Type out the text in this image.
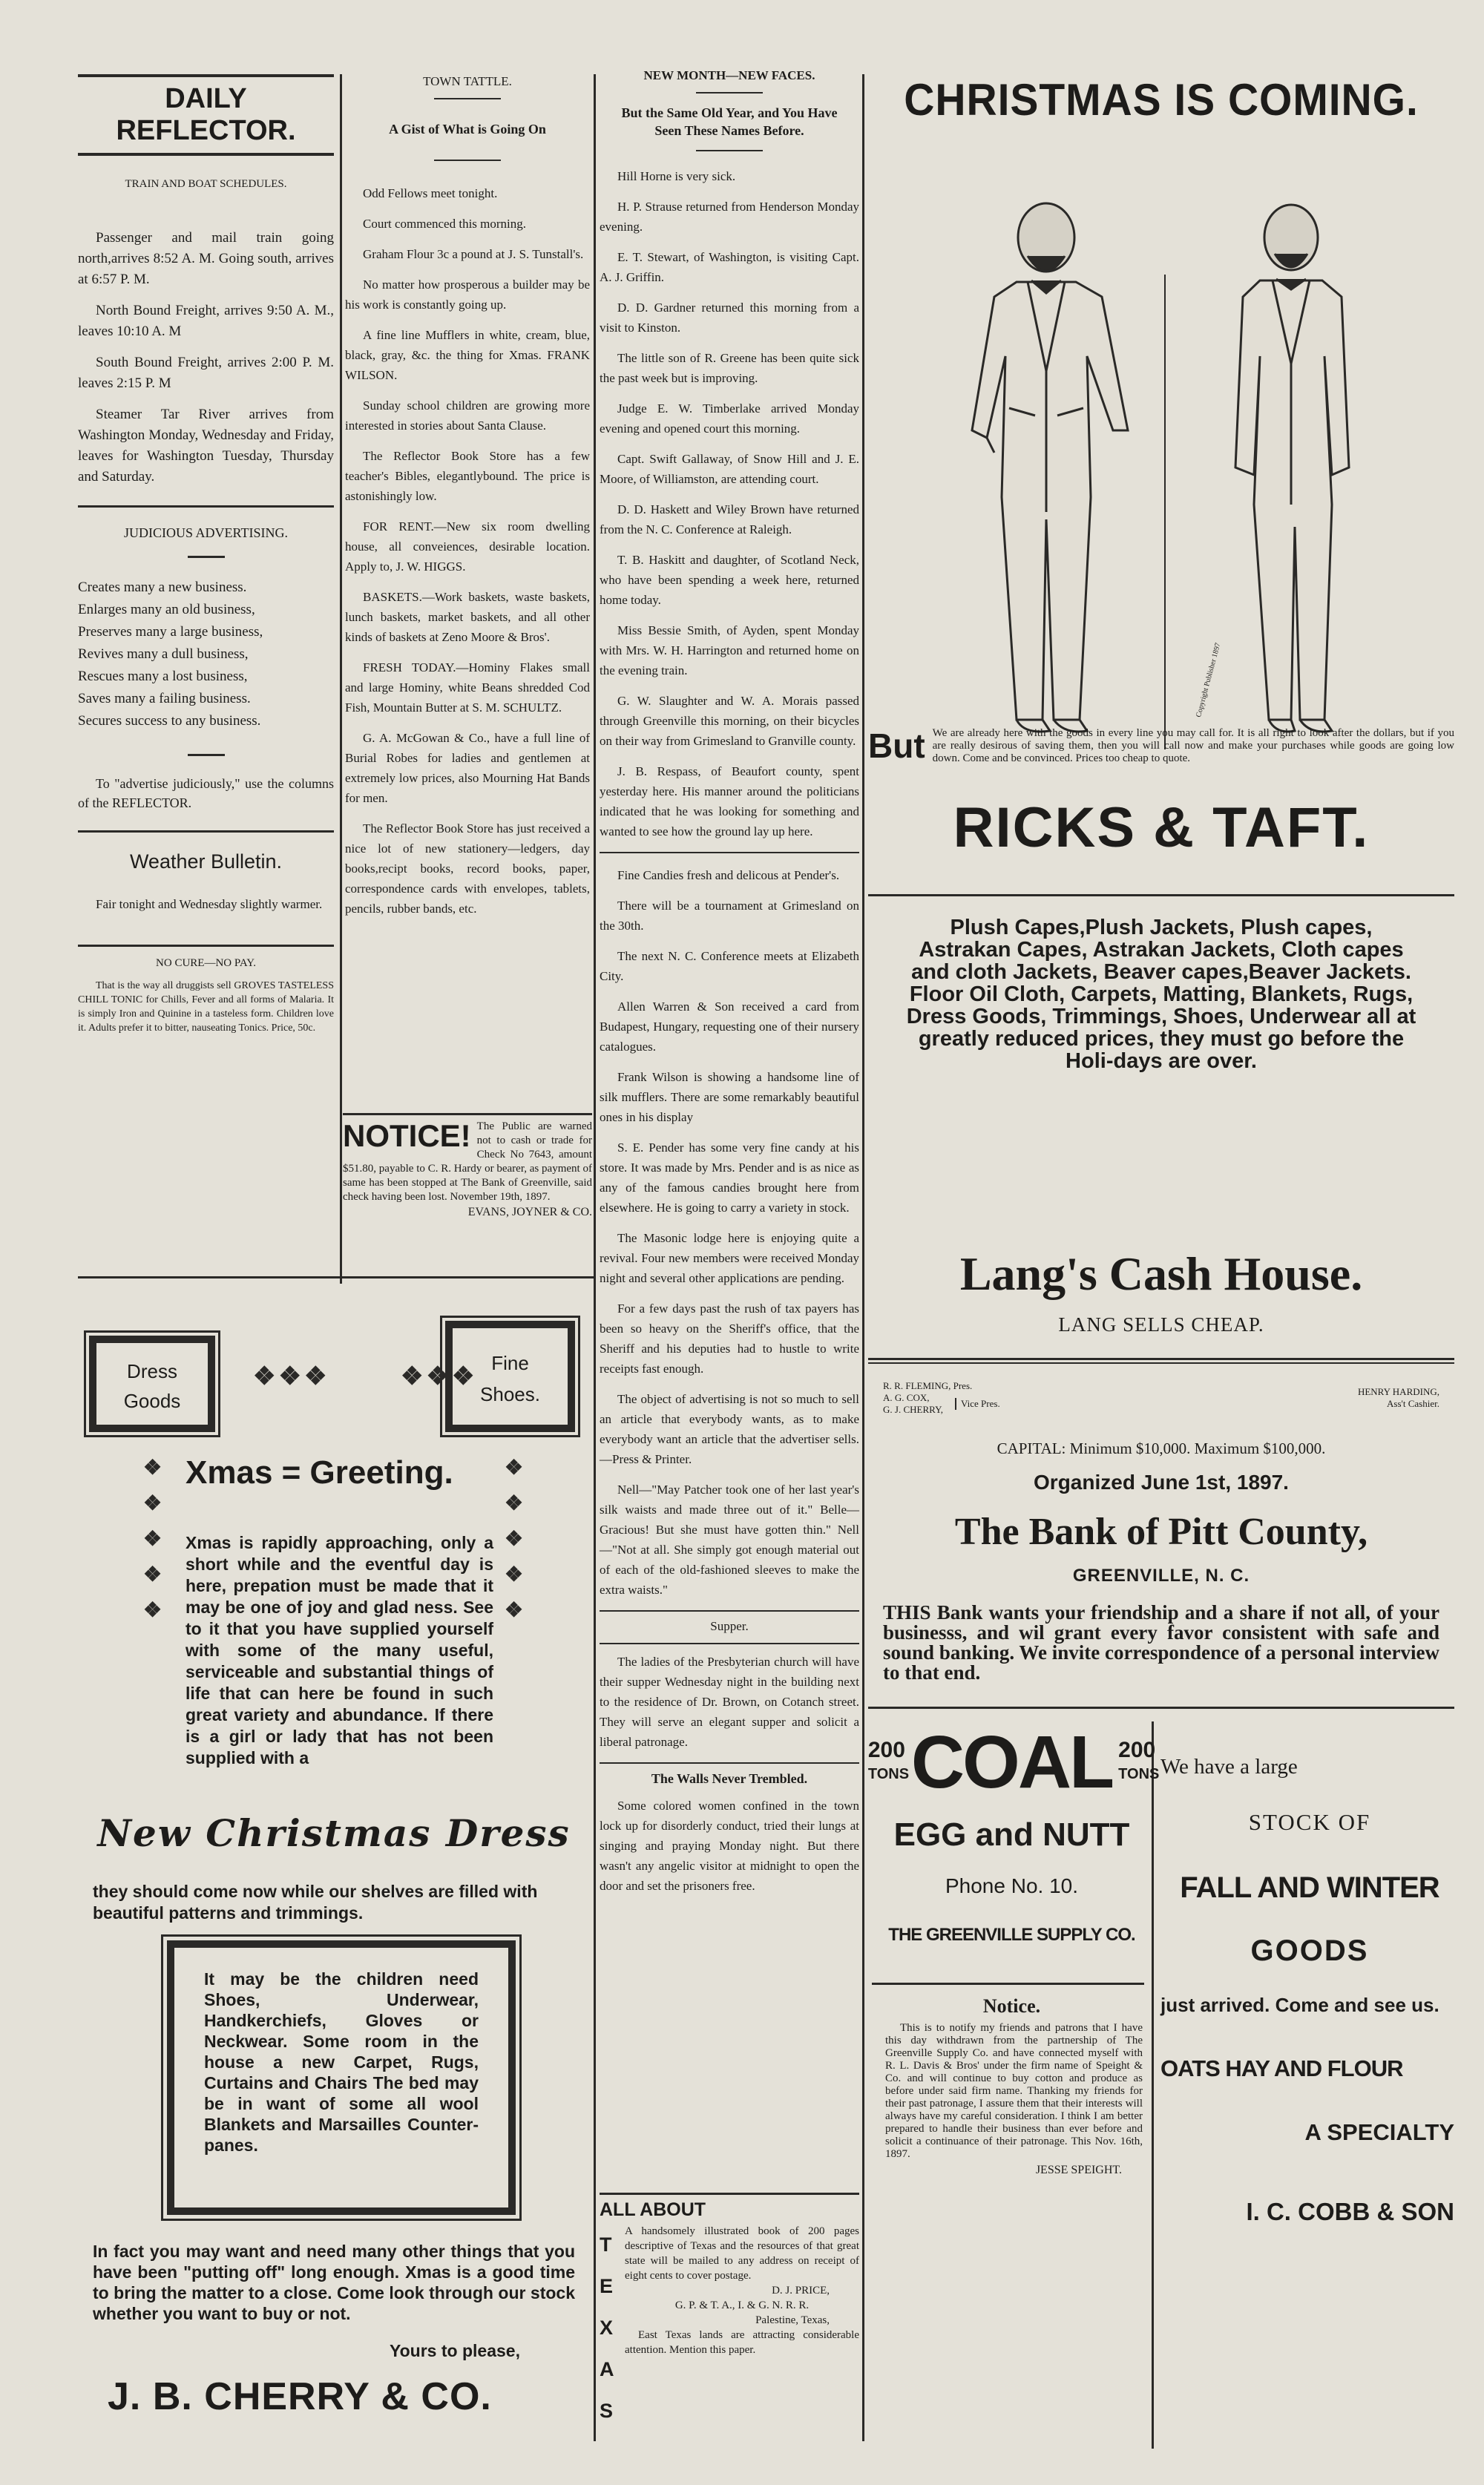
DAILY REFLECTOR.
TRAIN AND BOAT SCHEDULES.

Passenger and mail train going north,arrives 8:52 A. M. Going south, arrives at 6:57 P. M.

North Bound Freight, arrives 9:50 A. M., leaves 10:10 A. M

South Bound Freight, arrives 2:00 P. M. leaves 2:15 P. M

Steamer Tar River arrives from Washington Monday, Wednesday and Friday, leaves for Washington Tuesday, Thursday and Saturday.

JUDICIOUS ADVERTISING.

Creates many a new business.

Enlarges many an old business,

Preserves many a large business,

Revives many a dull business,

Rescues many a lost business,

Saves many a failing business.

Secures success to any business.

To "advertise judiciously," use the columns of the REFLECTOR.

Weather Bulletin.

Fair tonight and Wednesday slightly warmer.

NO CURE—NO PAY.

That is the way all druggists sell GROVES TASTELESS CHILL TONIC for Chills, Fever and all forms of Malaria. It is simply Iron and Quinine in a tasteless form. Children love it. Adults prefer it to bitter, nauseating Tonics. Price, 50c.

TOWN TATTLE.
A Gist of What is Going On

Odd Fellows meet tonight.

Court commenced this morning.

Graham Flour 3c a pound at J. S. Tunstall's.

No matter how prosperous a builder may be his work is constantly going up.

A fine line Mufflers in white, cream, blue, black, gray, &c. the thing for Xmas. FRANK WILSON.

Sunday school children are growing more interested in stories about Santa Clause.

The Reflector Book Store has a few teacher's Bibles, elegantlybound. The price is astonishingly low.

FOR RENT.—New six room dwelling house, all conveiences, desirable location. Apply to, J. W. HIGGS.

BASKETS.—Work baskets, waste baskets, lunch baskets, market baskets, and all other kinds of baskets at Zeno Moore & Bros'.

FRESH TODAY.—Hominy Flakes small and large Hominy, white Beans shredded Cod Fish, Mountain Butter at S. M. SCHULTZ.

G. A. McGowan & Co., have a full line of Burial Robes for ladies and gentlemen at extremely low prices, also Mourning Hat Bands for men.

The Reflector Book Store has just received a nice lot of new stationery—ledgers, day books,recipt books, record books, paper, correspondence cards with envelopes, tablets, pencils, rubber bands, etc.

NOTICE! The Public are warned not to cash or trade for Check No 7643, amount $51.80, payable to C. R. Hardy or bearer, as payment of same has been stopped at The Bank of Greenville, said check having been lost. November 19th, 1897.
EVANS, JOYNER & CO.
NEW MONTH—NEW FACES.
But the Same Old Year, and You Have Seen These Names Before.

Hill Horne is very sick.

H. P. Strause returned from Henderson Monday evening.

E. T. Stewart, of Washington, is visiting Capt. A. J. Griffin.

D. D. Gardner returned this morning from a visit to Kinston.

The little son of R. Greene has been quite sick the past week but is improving.

Judge E. W. Timberlake arrived Monday evening and opened court this morning.

Capt. Swift Gallaway, of Snow Hill and J. E. Moore, of Williamston, are attending court.

D. D. Haskett and Wiley Brown have returned from the N. C. Conference at Raleigh.

T. B. Haskitt and daughter, of Scotland Neck, who have been spending a week here, returned home today.

Miss Bessie Smith, of Ayden, spent Monday with Mrs. W. H. Harrington and returned home on the evening train.

G. W. Slaughter and W. A. Morais passed through Greenville this morning, on their bicycles on their way from Grimesland to Granville county.

J. B. Respass, of Beaufort county, spent yesterday here. His manner around the politicians indicated that he was looking for something and wanted to see how the ground lay up here.

Fine Candies fresh and delicous at Pender's.

There will be a tournament at Grimesland on the 30th.

The next N. C. Conference meets at Elizabeth City.

Allen Warren & Son received a card from Budapest, Hungary, requesting one of their nursery catalogues.

Frank Wilson is showing a handsome line of silk mufflers. There are some remarkably beautiful ones in his display

S. E. Pender has some very fine candy at his store. It was made by Mrs. Pender and is as nice as any of the famous candies brought here from elsewhere. He is going to carry a variety in stock.

The Masonic lodge here is enjoying quite a revival. Four new members were received Monday night and several other applications are pending.

For a few days past the rush of tax payers has been so heavy on the Sheriff's office, that the Sheriff and his deputies had to hustle to write receipts fast enough.

The object of advertising is not so much to sell an article that everybody wants, as to make everybody want an article that the advertiser sells.—Press & Printer.

Nell—"May Patcher took one of her last year's silk waists and made three out of it." Belle—Gracious! But she must have gotten thin." Nell—"Not at all. She simply got enough material out of each of the old-fashioned sleeves to make the extra waists."

Supper.

The ladies of the Presbyterian church will have their supper Wednesday night in the building next to the residence of Dr. Brown, on Cotanch street. They will serve an elegant supper and solicit a liberal patronage.

The Walls Never Trembled.

Some colored women confined in the town lock up for disorderly conduct, tried their lungs at singing and praying Monday night. But there wasn't any angelic visitor at midnight to open the door and set the prisoners free.

ALL ABOUT
T
E
X
A
S
A handsomely illustrated book of 200 pages descriptive of Texas and the resources of that great state will be mailed to any address on receipt of eight cents to cover postage.
D. J. PRICE,
G. P. & T. A., I. & G. N. R. R.
Palestine, Texas,
East Texas lands are attracting considerable attention. Mention this paper.
Dress
Goods
❖❖❖	❖❖❖ Fine
Shoes.
❖
❖
❖
❖
❖
❖
❖
❖
❖
❖
Xmas = Greeting.
Xmas is rapidly approaching, only a short while and the eventful day is here, prepation must be made that it may be one of joy and glad ness. See to it that you have supplied yourself with some of the many useful, serviceable and substantial things of life that can here be found in such great variety and abundance. If there is a girl or lady that has not been supplied with a
New Christmas Dress
they should come now while our shelves are filled with beautiful patterns and trimmings.
It may be the children need Shoes, Underwear, Handkerchiefs, Gloves or Neckwear. Some room in the house a new Carpet, Rugs, Curtains and Chairs The bed may be in want of some all wool Blankets and Marsailles Counter-panes.
In fact you may want and need many other things that you have been "putting off" long enough. Xmas is a good time to bring the matter to a close. Come look through our stock whether you want to buy or not.
Yours to please,
J. B. CHERRY & CO.
CHRISTMAS IS COMING.
Copyright Publisher 1897
But We are already here with the goods in every line you may call for. It is all right to look after the dollars, but if you are really desirous of saving them, then you will call now and make your purchases while goods are going low down. Come and be convinced. Prices too cheap to quote.
RICKS & TAFT.
Plush Capes,Plush Jackets, Plush capes, Astrakan Capes, Astrakan Jackets, Cloth capes and cloth Jackets, Beaver capes,Beaver Jackets. Floor Oil Cloth, Carpets, Matting, Blankets, Rugs, Dress Goods, Trimmings, Shoes, Underwear all at greatly reduced prices, they must go before the Holi-days are over.
Lang's Cash House.
LANG SELLS CHEAP.
R. R. FLEMING, Pres.
A. G. COX,
G. J. CHERRY,
Vice Pres.
HENRY HARDING,
Ass't Cashier.
CAPITAL: Minimum $10,000. Maximum $100,000.
Organized June 1st, 1897.
The Bank of Pitt County,
GREENVILLE, N. C.
THIS Bank wants your friendship and a share if not all, of your businesss, and wil grant every favor consistent with safe and sound banking. We invite correspondence of a personal interview to that end.
200
TONS COAL 200
TONS
EGG and NUTT
Phone No. 10.
THE GREENVILLE SUPPLY CO.
Notice.
This is to notify my friends and patrons that I have this day withdrawn from the partnership of The Greenville Supply Co. and have connected myself with R. L. Davis & Bros' under the firm name of Speight & Co. and will continue to buy cotton and produce as before under said firm name. Thanking my friends for their past patronage, I assure them that their interests will always have my careful consideration. I think I am better prepared to handle their business than ever before and solicit a continuance of their patronage. This Nov. 16th, 1897.
JESSE SPEIGHT.
We have a large
STOCK OF
FALL AND WINTER
GOODS
just arrived. Come and see us.
OATS HAY AND FLOUR
A SPECIALTY
I. C. COBB & SON
